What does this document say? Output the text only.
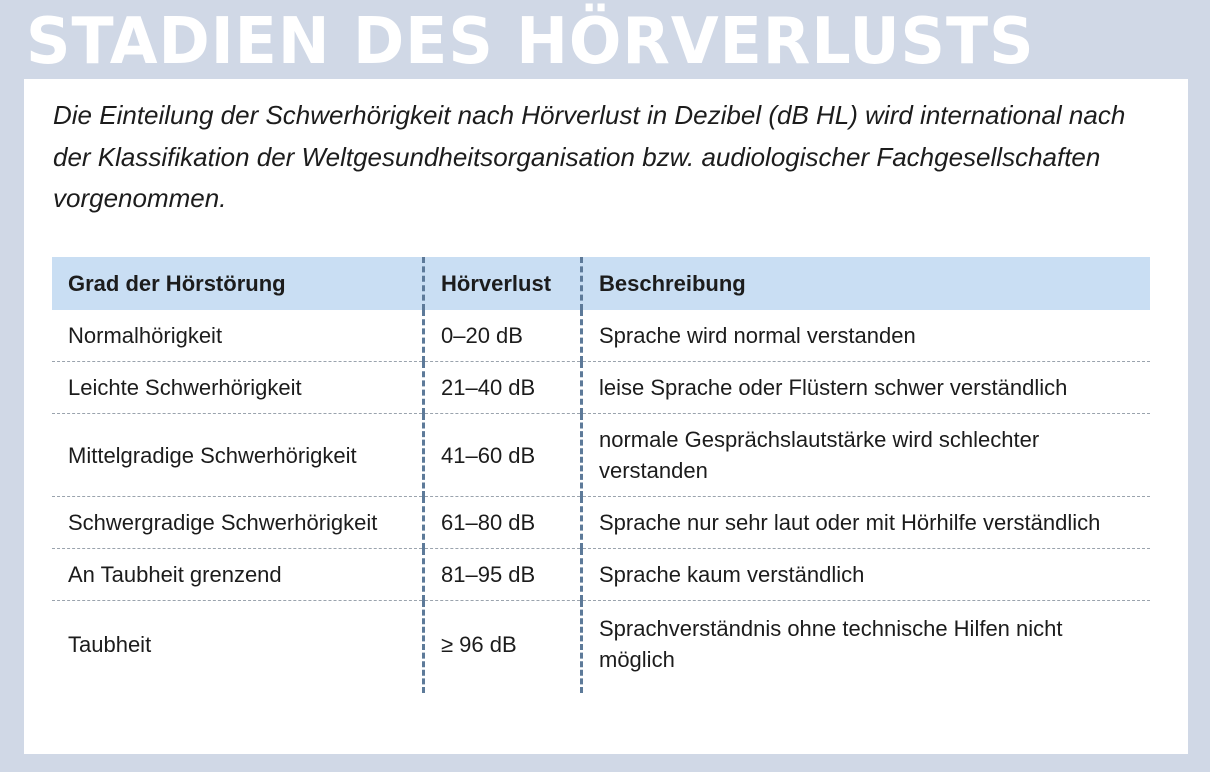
STADIEN DES HÖRVERLUSTS

Die Einteilung der Schwerhörigkeit nach Hörverlust in Dezibel (dB HL) wird international nach der Klassifikation der Weltgesundheitsorganisation bzw. audiologischer Fachgesellschaften vorgenommen.

Grad der Hörstörung	Hörverlust	Beschreibung
Normalhörigkeit	0–20 dB	Sprache wird normal verstanden
Leichte Schwerhörigkeit	21–40 dB	leise Sprache oder Flüstern schwer verständlich
Mittelgradige Schwerhörigkeit	41–60 dB	normale Gesprächslautstärke wird schlechter verstanden
Schwergradige Schwerhörigkeit	61–80 dB	Sprache nur sehr laut oder mit Hörhilfe verständlich
An Taubheit grenzend	81–95 dB	Sprache kaum verständlich
Taubheit	≥ 96 dB	Sprachverständnis ohne technische Hilfen nicht möglich
